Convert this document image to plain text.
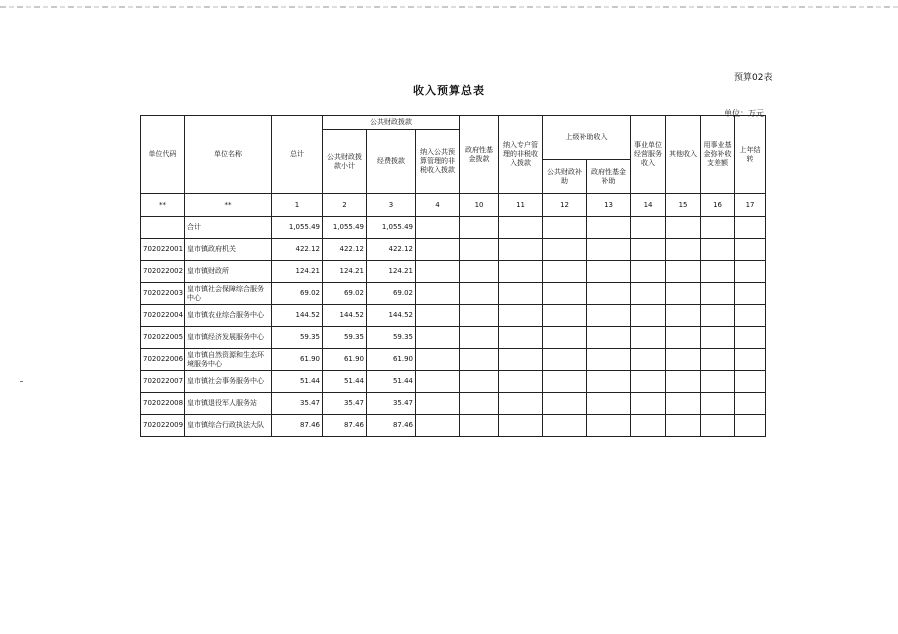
预算02表
收入预算总表
单位：万元
单位代码	单位名称	总计	公共财政拨款			政府性基金拨款	纳入专户管理的非税收入拨款	上级补助收入		事业单位经营服务收入	其他收入	用事业基金弥补收支差额	上年结转
			公共财政拨款小计	经费拨款	纳入公共预算管理的非税收入拨款								
								公共财政补助	政府性基金补助				
**	**	1	2	3	4	10	11	12	13	14	15	16	17
	合计	1,055.49	1,055.49	1,055.49									
702022001	皇市镇政府机关	422.12	422.12	422.12									
702022002	皇市镇财政所	124.21	124.21	124.21									
702022003	皇市镇社会保障综合服务中心	69.02	69.02	69.02									
702022004	皇市镇农业综合服务中心	144.52	144.52	144.52									
702022005	皇市镇经济发展服务中心	59.35	59.35	59.35									
702022006	皇市镇自然资源和生态环境服务中心	61.90	61.90	61.90									
702022007	皇市镇社会事务服务中心	51.44	51.44	51.44									
702022008	皇市镇退役军人服务站	35.47	35.47	35.47									
702022009	皇市镇综合行政执法大队	87.46	87.46	87.46									
